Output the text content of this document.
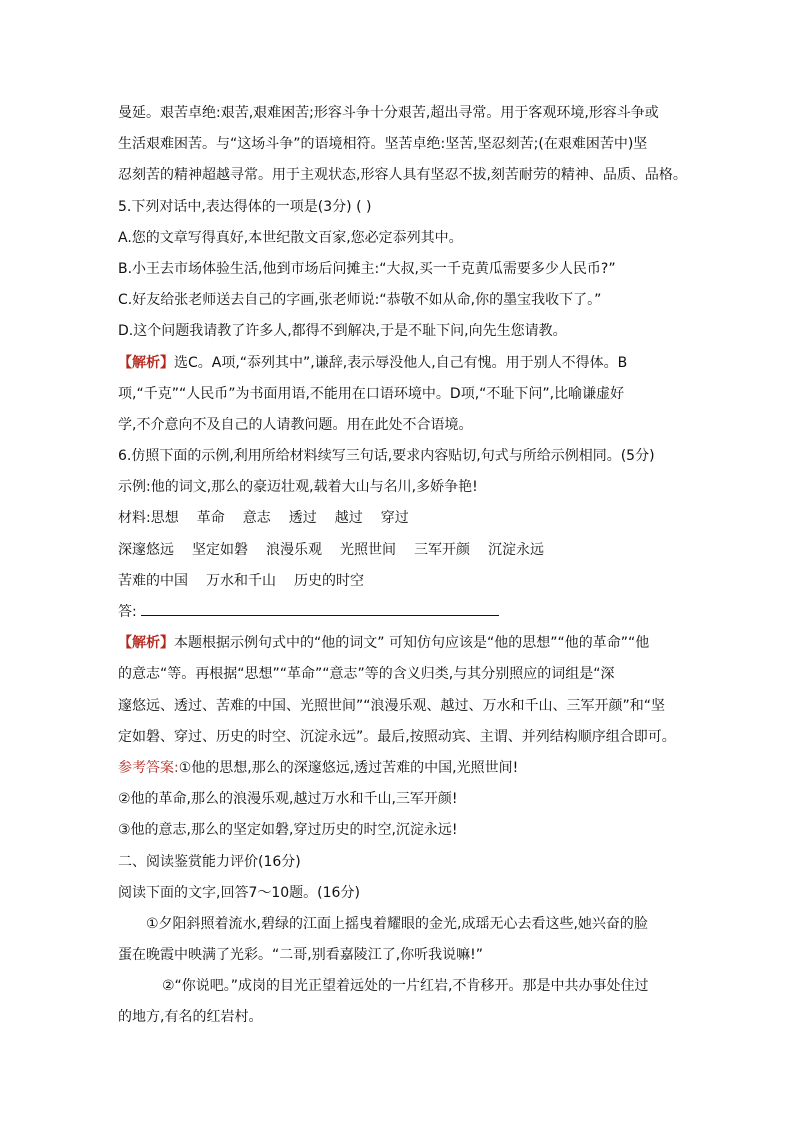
曼延。艰苦卓绝:艰苦,艰难困苦;形容斗争十分艰苦,超出寻常。用于客观环境,形容斗争或
生活艰难困苦。与“这场斗争”的语境相符。坚苦卓绝:坚苦,坚忍刻苦;(在艰难困苦中)坚
忍刻苦的精神超越寻常。用于主观状态,形容人具有坚忍不拔,刻苦耐劳的精神、品质、品格。
5.下列对话中,表达得体的一项是(3分) ( )
A.您的文章写得真好,本世纪散文百家,您必定忝列其中。
B.小王去市场体验生活,他到市场后问摊主:“大叔,买一千克黄瓜需要多少人民币?”
C.好友给张老师送去自己的字画,张老师说:“恭敬不如从命,你的墨宝我收下了。”
D.这个问题我请教了许多人,都得不到解决,于是不耻下问,向先生您请教。
【解析】选C。A项,“忝列其中”,谦辞,表示辱没他人,自己有愧。用于别人不得体。B
项,“千克”“人民币”为书面用语,不能用在口语环境中。D项,“不耻下问”,比喻谦虚好
学,不介意向不及自己的人请教问题。用在此处不合语境。
6.仿照下面的示例,利用所给材料续写三句话,要求内容贴切,句式与所给示例相同。(5分)
示例:他的词文,那么的豪迈壮观,载着大山与名川,多娇争艳!
材料:思想 革命 意志 透过 越过 穿过
深邃悠远 坚定如磐 浪漫乐观 光照世间 三军开颜 沉淀永远
苦难的中国 万水和千山 历史的时空
答:
【解析】本题根据示例句式中的“他的词文” 可知仿句应该是“他的思想”“他的革命”“他
的意志“等。再根据“思想”“革命”“意志”等的含义归类,与其分别照应的词组是“深
邃悠远、透过、苦难的中国、光照世间”“浪漫乐观、越过、万水和千山、三军开颜”和“坚
定如磐、穿过、历史的时空、沉淀永远”。最后,按照动宾、主谓、并列结构顺序组合即可。
参考答案:①他的思想,那么的深邃悠远,透过苦难的中国,光照世间!
②他的革命,那么的浪漫乐观,越过万水和千山,三军开颜!
③他的意志,那么的坚定如磐,穿过历史的时空,沉淀永远!
二、阅读鉴赏能力评价(16分)
阅读下面的文字,回答7～10题。(16分)
①夕阳斜照着流水,碧绿的江面上摇曳着耀眼的金光,成瑶无心去看这些,她兴奋的脸
蛋在晚霞中映满了光彩。“二哥,别看嘉陵江了,你听我说嘛!”
②“你说吧。”成岗的目光正望着远处的一片红岩,不肯移开。那是中共办事处住过
的地方,有名的红岩村。
